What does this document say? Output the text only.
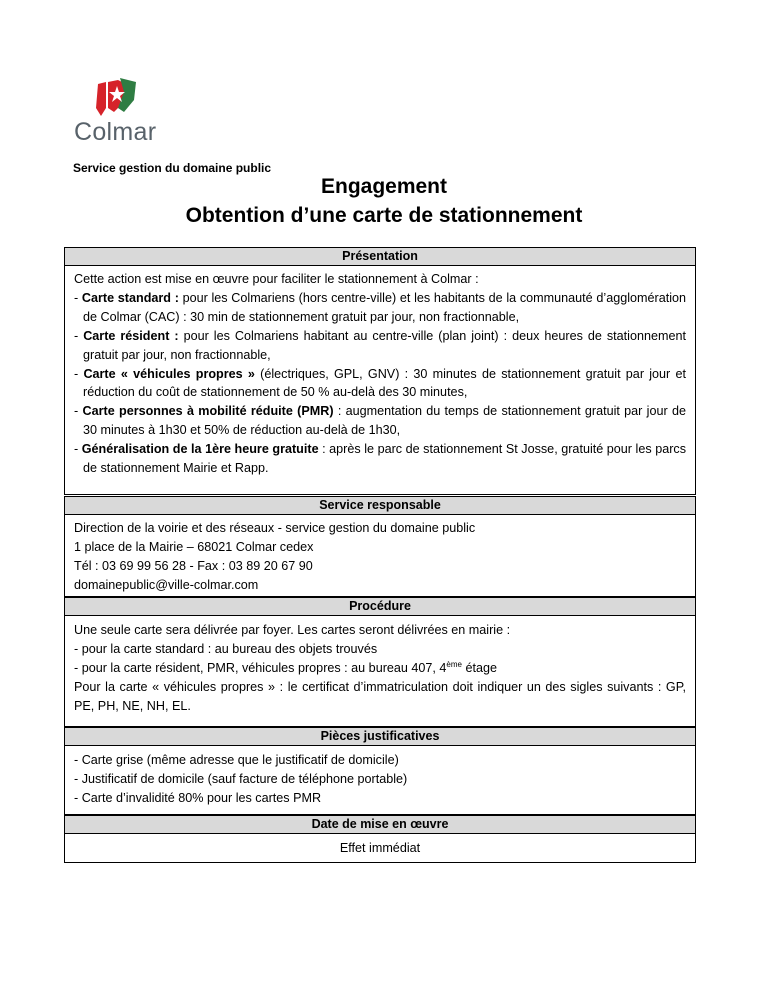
Colmar
Service gestion du domaine public
Engagement
Obtention d’une carte de stationnement
Présentation
Cette action est mise en œuvre pour faciliter le stationnement à Colmar :
- Carte standard : pour les Colmariens (hors centre-ville) et les habitants de la communauté d’agglomération de Colmar (CAC) : 30 min de stationnement gratuit par jour, non fractionnable,
- Carte résident : pour les Colmariens habitant au centre-ville (plan joint) : deux heures de stationnement gratuit par jour, non fractionnable,
- Carte « véhicules propres » (électriques, GPL, GNV) : 30 minutes de stationnement gratuit par jour et réduction du coût de stationnement de 50 % au-delà des 30 minutes,
- Carte personnes à mobilité réduite (PMR) : augmentation du temps de stationnement gratuit par jour de 30 minutes à 1h30 et 50% de réduction au-delà de 1h30,
- Généralisation de la 1ère heure gratuite : après le parc de stationnement St Josse, gratuité pour les parcs de stationnement Mairie et Rapp.
Service responsable
Direction de la voirie et des réseaux - service gestion du domaine public
1 place de la Mairie – 68021 Colmar cedex
Tél : 03 69 99 56 28 - Fax : 03 89 20 67 90
domainepublic@ville-colmar.com
Procédure
Une seule carte sera délivrée par foyer. Les cartes seront délivrées en mairie :
- pour la carte standard : au bureau des objets trouvés
- pour la carte résident, PMR, véhicules propres : au bureau 407, 4ème étage
Pour la carte « véhicules propres » : le certificat d’immatriculation doit indiquer un des sigles suivants : GP, PE, PH, NE, NH, EL.
Pièces justificatives
- Carte grise (même adresse que le justificatif de domicile)
- Justificatif de domicile (sauf facture de téléphone portable)
- Carte d’invalidité 80% pour les cartes PMR
Date de mise en œuvre
Effet immédiat
